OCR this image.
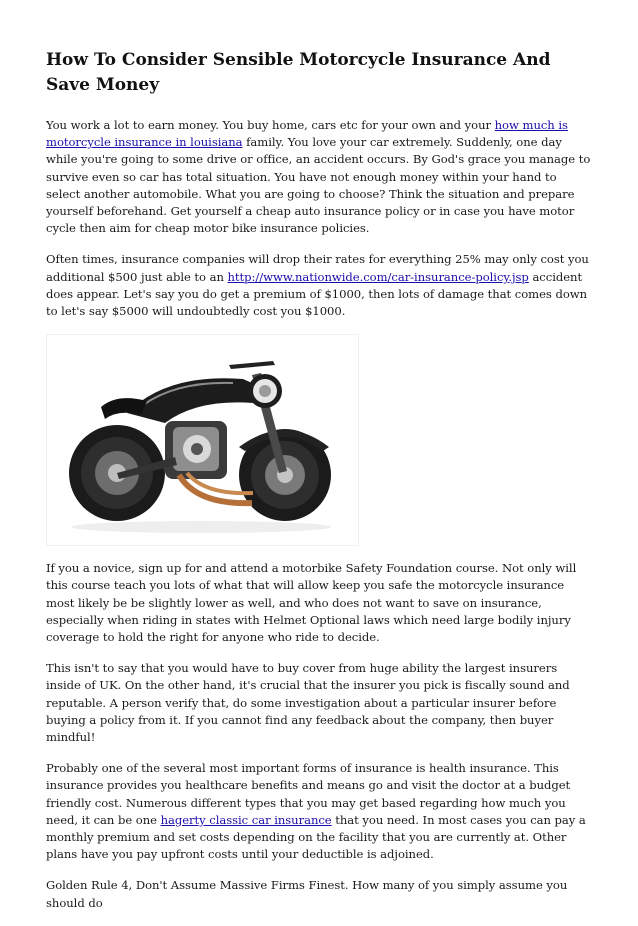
How To Consider Sensible Motorcycle Insurance And Save Money

You work a lot to earn money. You buy home, cars etc for your own and your how much is motorcycle insurance in louisiana family. You love your car extremely. Suddenly, one day while you're going to some drive or office, an accident occurs. By God's grace you manage to survive even so car has total situation. You have not enough money within your hand to select another automobile. What you are going to choose? Think the situation and prepare yourself beforehand. Get yourself a cheap auto insurance policy or in case you have motor cycle then aim for cheap motor bike insurance policies.

Often times, insurance companies will drop their rates for everything 25% may only cost you additional $500 just able to an http://www.nationwide.com/car-insurance-policy.jsp accident does appear. Let's say you do get a premium of $1000, then lots of damage that comes down to let's say $5000 will undoubtedly cost you $1000.

If you a novice, sign up for and attend a motorbike Safety Foundation course. Not only will this course teach you lots of what that will allow keep you safe the motorcycle insurance most likely be be slightly lower as well, and who does not want to save on insurance, especially when riding in states with Helmet Optional laws which need large bodily injury coverage to hold the right for anyone who ride to decide.

This isn't to say that you would have to buy cover from huge ability the largest insurers inside of UK. On the other hand, it's crucial that the insurer you pick is fiscally sound and reputable. A person verify that, do some investigation about a particular insurer before buying a policy from it. If you cannot find any feedback about the company, then buyer mindful!

Probably one of the several most important forms of insurance is health insurance. This insurance provides you healthcare benefits and means go and visit the doctor at a budget friendly cost. Numerous different types that you may get based regarding how much you need, it can be one hagerty classic car insurance that you need. In most cases you can pay a monthly premium and set costs depending on the facility that you are currently at. Other plans have you pay upfront costs until your deductible is adjoined.

Golden Rule 4, Don't Assume Massive Firms Finest. How many of you simply assume you should do
